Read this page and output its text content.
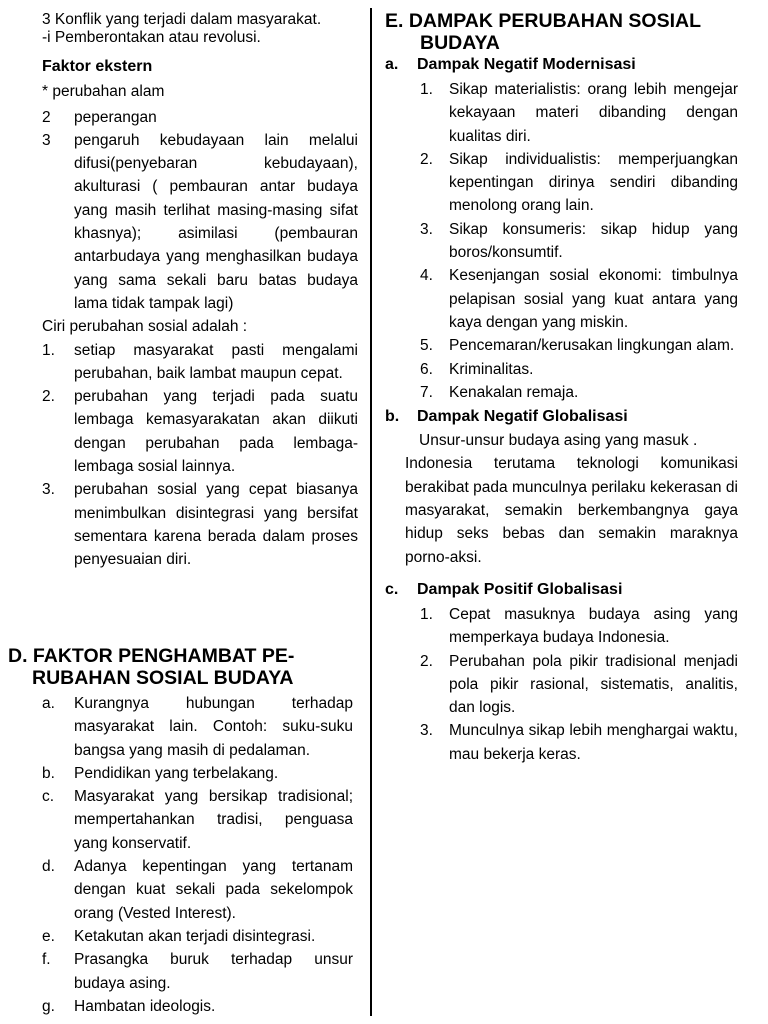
3 Konflik yang terjadi dalam masyarakat.

-i Pemberontakan atau revolusi.

Faktor ekstern

* perubahan alam

2 peperangan
3 pengaruh kebudayaan lain melalui difusi(penyebaran kebudayaan), akulturasi ( pembauran antar budaya yang masih terlihat masing-masing sifat khasnya); asimilasi (pembauran antarbudaya yang menghasilkan budaya yang sama sekali baru batas budaya lama tidak tampak lagi)

Ciri perubahan sosial adalah :

1. setiap masyarakat pasti mengalami perubahan, baik lambat maupun cepat.
2. perubahan yang terjadi pada suatu lembaga kemasyarakatan akan diikuti dengan perubahan pada lembaga-lembaga sosial lainnya.
3. perubahan sosial yang cepat biasanya menimbulkan disintegrasi yang bersifat sementara karena berada dalam proses penyesuaian diri.

D. FAKTOR PENGHAMBAT PE-

RUBAHAN SOSIAL BUDAYA

a. Kurangnya hubungan terhadap masyarakat lain. Contoh: suku-suku bangsa yang masih di pedalaman.
b. Pendidikan yang terbelakang.
c. Masyarakat yang bersikap tradisional; mempertahankan tradisi, penguasa yang konservatif.
d. Adanya kepentingan yang tertanam dengan kuat sekali pada sekelompok orang (Vested Interest).
e. Ketakutan akan terjadi disintegrasi.
f. Prasangka buruk terhadap unsur budaya asing.
g. Hambatan ideologis.

E. DAMPAK PERUBAHAN SOSIAL

BUDAYA

a. Dampak Negatif Modernisasi
1. Sikap materialistis: orang lebih mengejar kekayaan materi dibanding dengan kualitas diri.
2. Sikap individualistis: memperjuangkan kepentingan dirinya sendiri dibanding menolong orang lain.
3. Sikap konsumeris: sikap hidup yang boros/konsumtif.
4. Kesenjangan sosial ekonomi: timbulnya pelapisan sosial yang kuat antara yang kaya dengan yang miskin.
5. Pencemaran/kerusakan lingkungan alam.
6. Kriminalitas.
7. Kenakalan remaja.
b. Dampak Negatif Globalisasi

Unsur-unsur budaya asing yang masuk .

Indonesia terutama teknologi komunikasi berakibat pada munculnya perilaku kekerasan di masyarakat, semakin berkembangnya gaya hidup seks bebas dan semakin maraknya porno-aksi.

c. Dampak Positif Globalisasi
1. Cepat masuknya budaya asing yang memperkaya budaya Indonesia.
2. Perubahan pola pikir tradisional menjadi pola pikir rasional, sistematis, analitis, dan logis.
3. Munculnya sikap lebih menghargai waktu, mau bekerja keras.
